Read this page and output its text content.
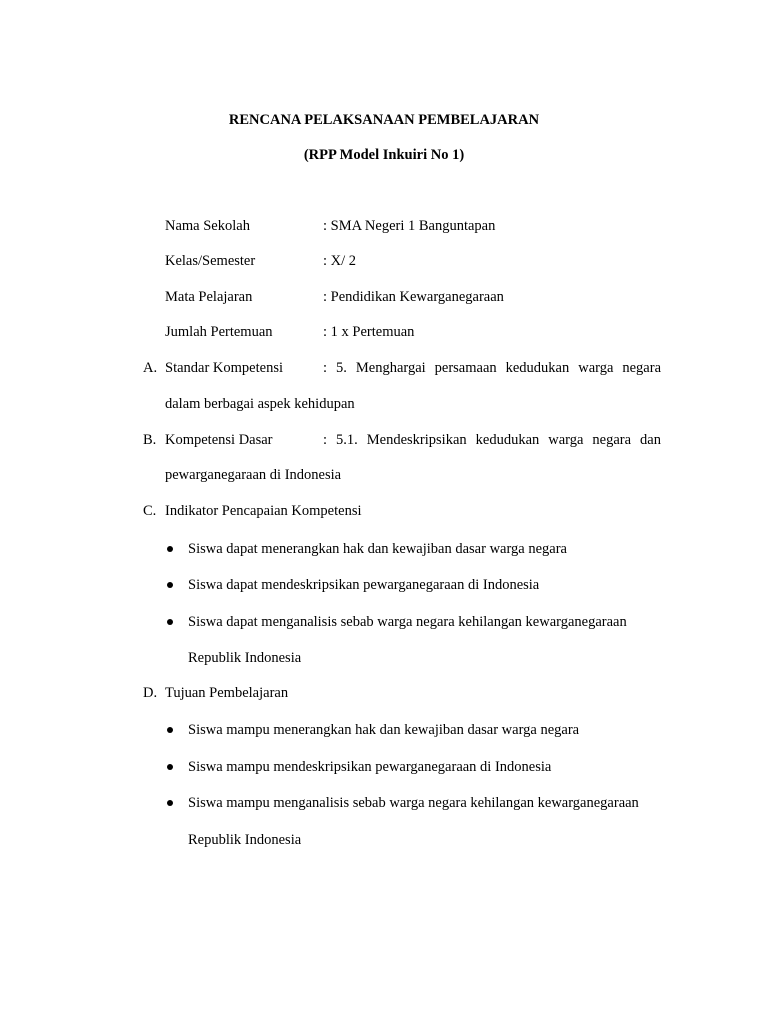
RENCANA PELAKSANAAN PEMBELAJARAN
(RPP Model Inkuiri No 1)
Nama Sekolah	: SMA Negeri 1 Banguntapan
Kelas/Semester	: X/ 2
Mata Pelajaran	: Pendidikan Kewarganegaraan
Jumlah Pertemuan	: 1 x Pertemuan
A. Standar Kompetensi	: 5. Menghargai persamaan kedudukan warga negara
dalam berbagai aspek kehidupan
B. Kompetensi Dasar	: 5.1. Mendeskripsikan kedudukan warga negara dan
pewarganegaraan di Indonesia
C. Indikator Pencapaian Kompetensi
Siswa dapat menerangkan hak dan kewajiban dasar warga negara
Siswa dapat mendeskripsikan pewarganegaraan di Indonesia
Siswa dapat menganalisis sebab warga negara kehilangan kewarganegaraan
Republik Indonesia
D. Tujuan Pembelajaran
Siswa mampu menerangkan hak dan kewajiban dasar warga negara
Siswa mampu mendeskripsikan pewarganegaraan di Indonesia
Siswa mampu menganalisis sebab warga negara kehilangan kewarganegaraan
Republik Indonesia
